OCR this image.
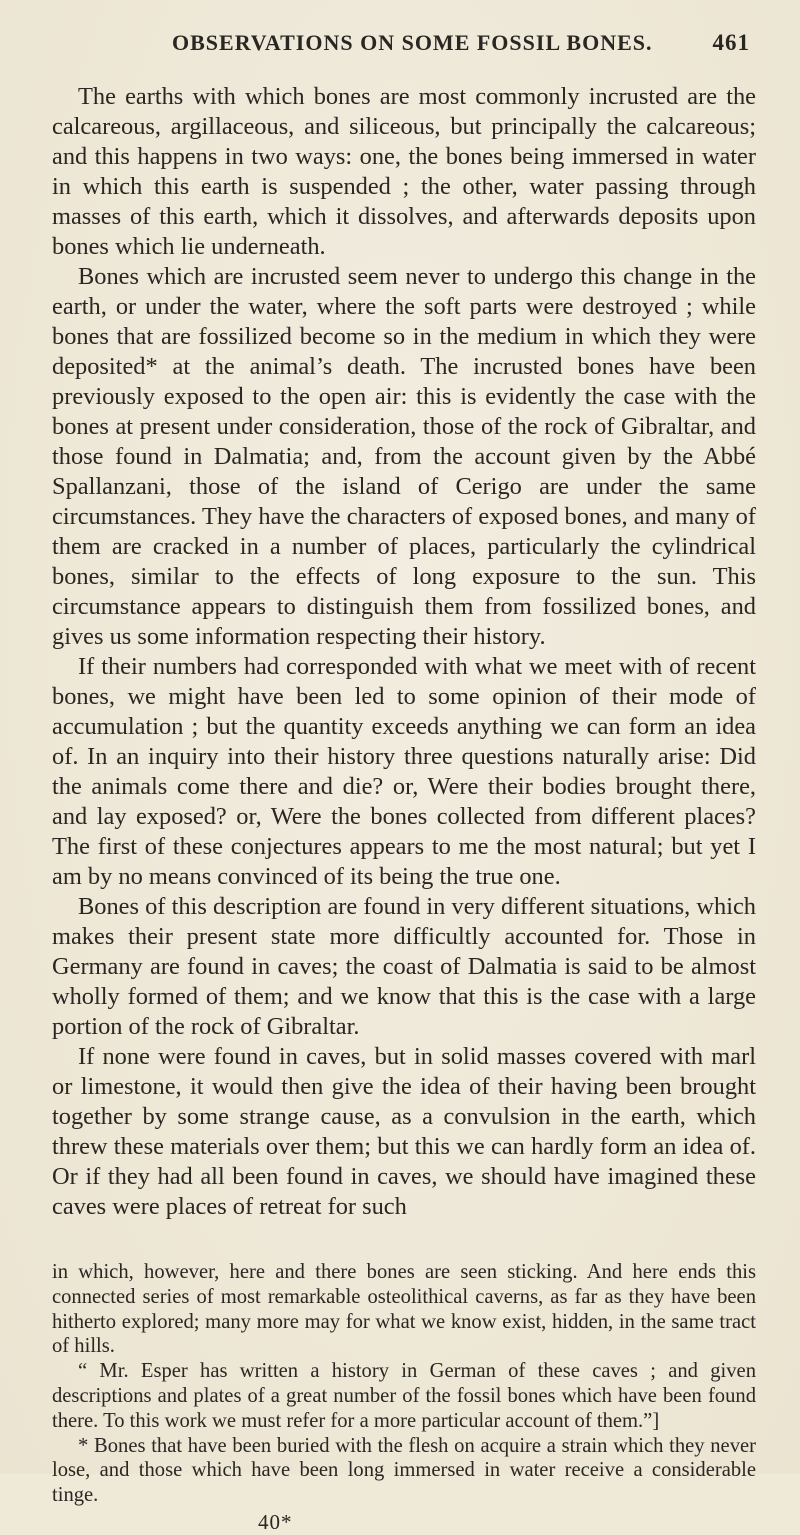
OBSERVATIONS ON SOME FOSSIL BONES.	461

The earths with which bones are most commonly incrusted are the calcareous, argillaceous, and siliceous, but principally the calcareous; and this happens in two ways: one, the bones being immersed in water in which this earth is suspended ; the other, water passing through masses of this earth, which it dissolves, and afterwards deposits upon bones which lie underneath.

Bones which are incrusted seem never to undergo this change in the earth, or under the water, where the soft parts were destroyed ; while bones that are fossilized become so in the medium in which they were deposited* at the animal’s death. The incrusted bones have been previously exposed to the open air: this is evidently the case with the bones at present under consideration, those of the rock of Gibraltar, and those found in Dalmatia; and, from the account given by the Abbé Spallanzani, those of the island of Cerigo are under the same circumstances. They have the characters of exposed bones, and many of them are cracked in a number of places, particularly the cylindrical bones, similar to the effects of long exposure to the sun. This circumstance appears to distinguish them from fossilized bones, and gives us some information respecting their history.

If their numbers had corresponded with what we meet with of recent bones, we might have been led to some opinion of their mode of accumulation ; but the quantity exceeds anything we can form an idea of. In an inquiry into their history three questions naturally arise: Did the animals come there and die? or, Were their bodies brought there, and lay exposed? or, Were the bones collected from different places? The first of these conjectures appears to me the most natural; but yet I am by no means convinced of its being the true one.

Bones of this description are found in very different situations, which makes their present state more difficultly accounted for. Those in Germany are found in caves; the coast of Dalmatia is said to be almost wholly formed of them; and we know that this is the case with a large portion of the rock of Gibraltar.

If none were found in caves, but in solid masses covered with marl or limestone, it would then give the idea of their having been brought together by some strange cause, as a convulsion in the earth, which threw these materials over them; but this we can hardly form an idea of. Or if they had all been found in caves, we should have imagined these caves were places of retreat for such

in which, however, here and there bones are seen sticking. And here ends this connected series of most remarkable osteolithical caverns, as far as they have been hitherto explored; many more may for what we know exist, hidden, in the same tract of hills.

“ Mr. Esper has written a history in German of these caves ; and given descriptions and plates of a great number of the fossil bones which have been found there. To this work we must refer for a more particular account of them.”]

* Bones that have been buried with the flesh on acquire a strain which they never lose, and those which have been long immersed in water receive a considerable tinge.

40*
